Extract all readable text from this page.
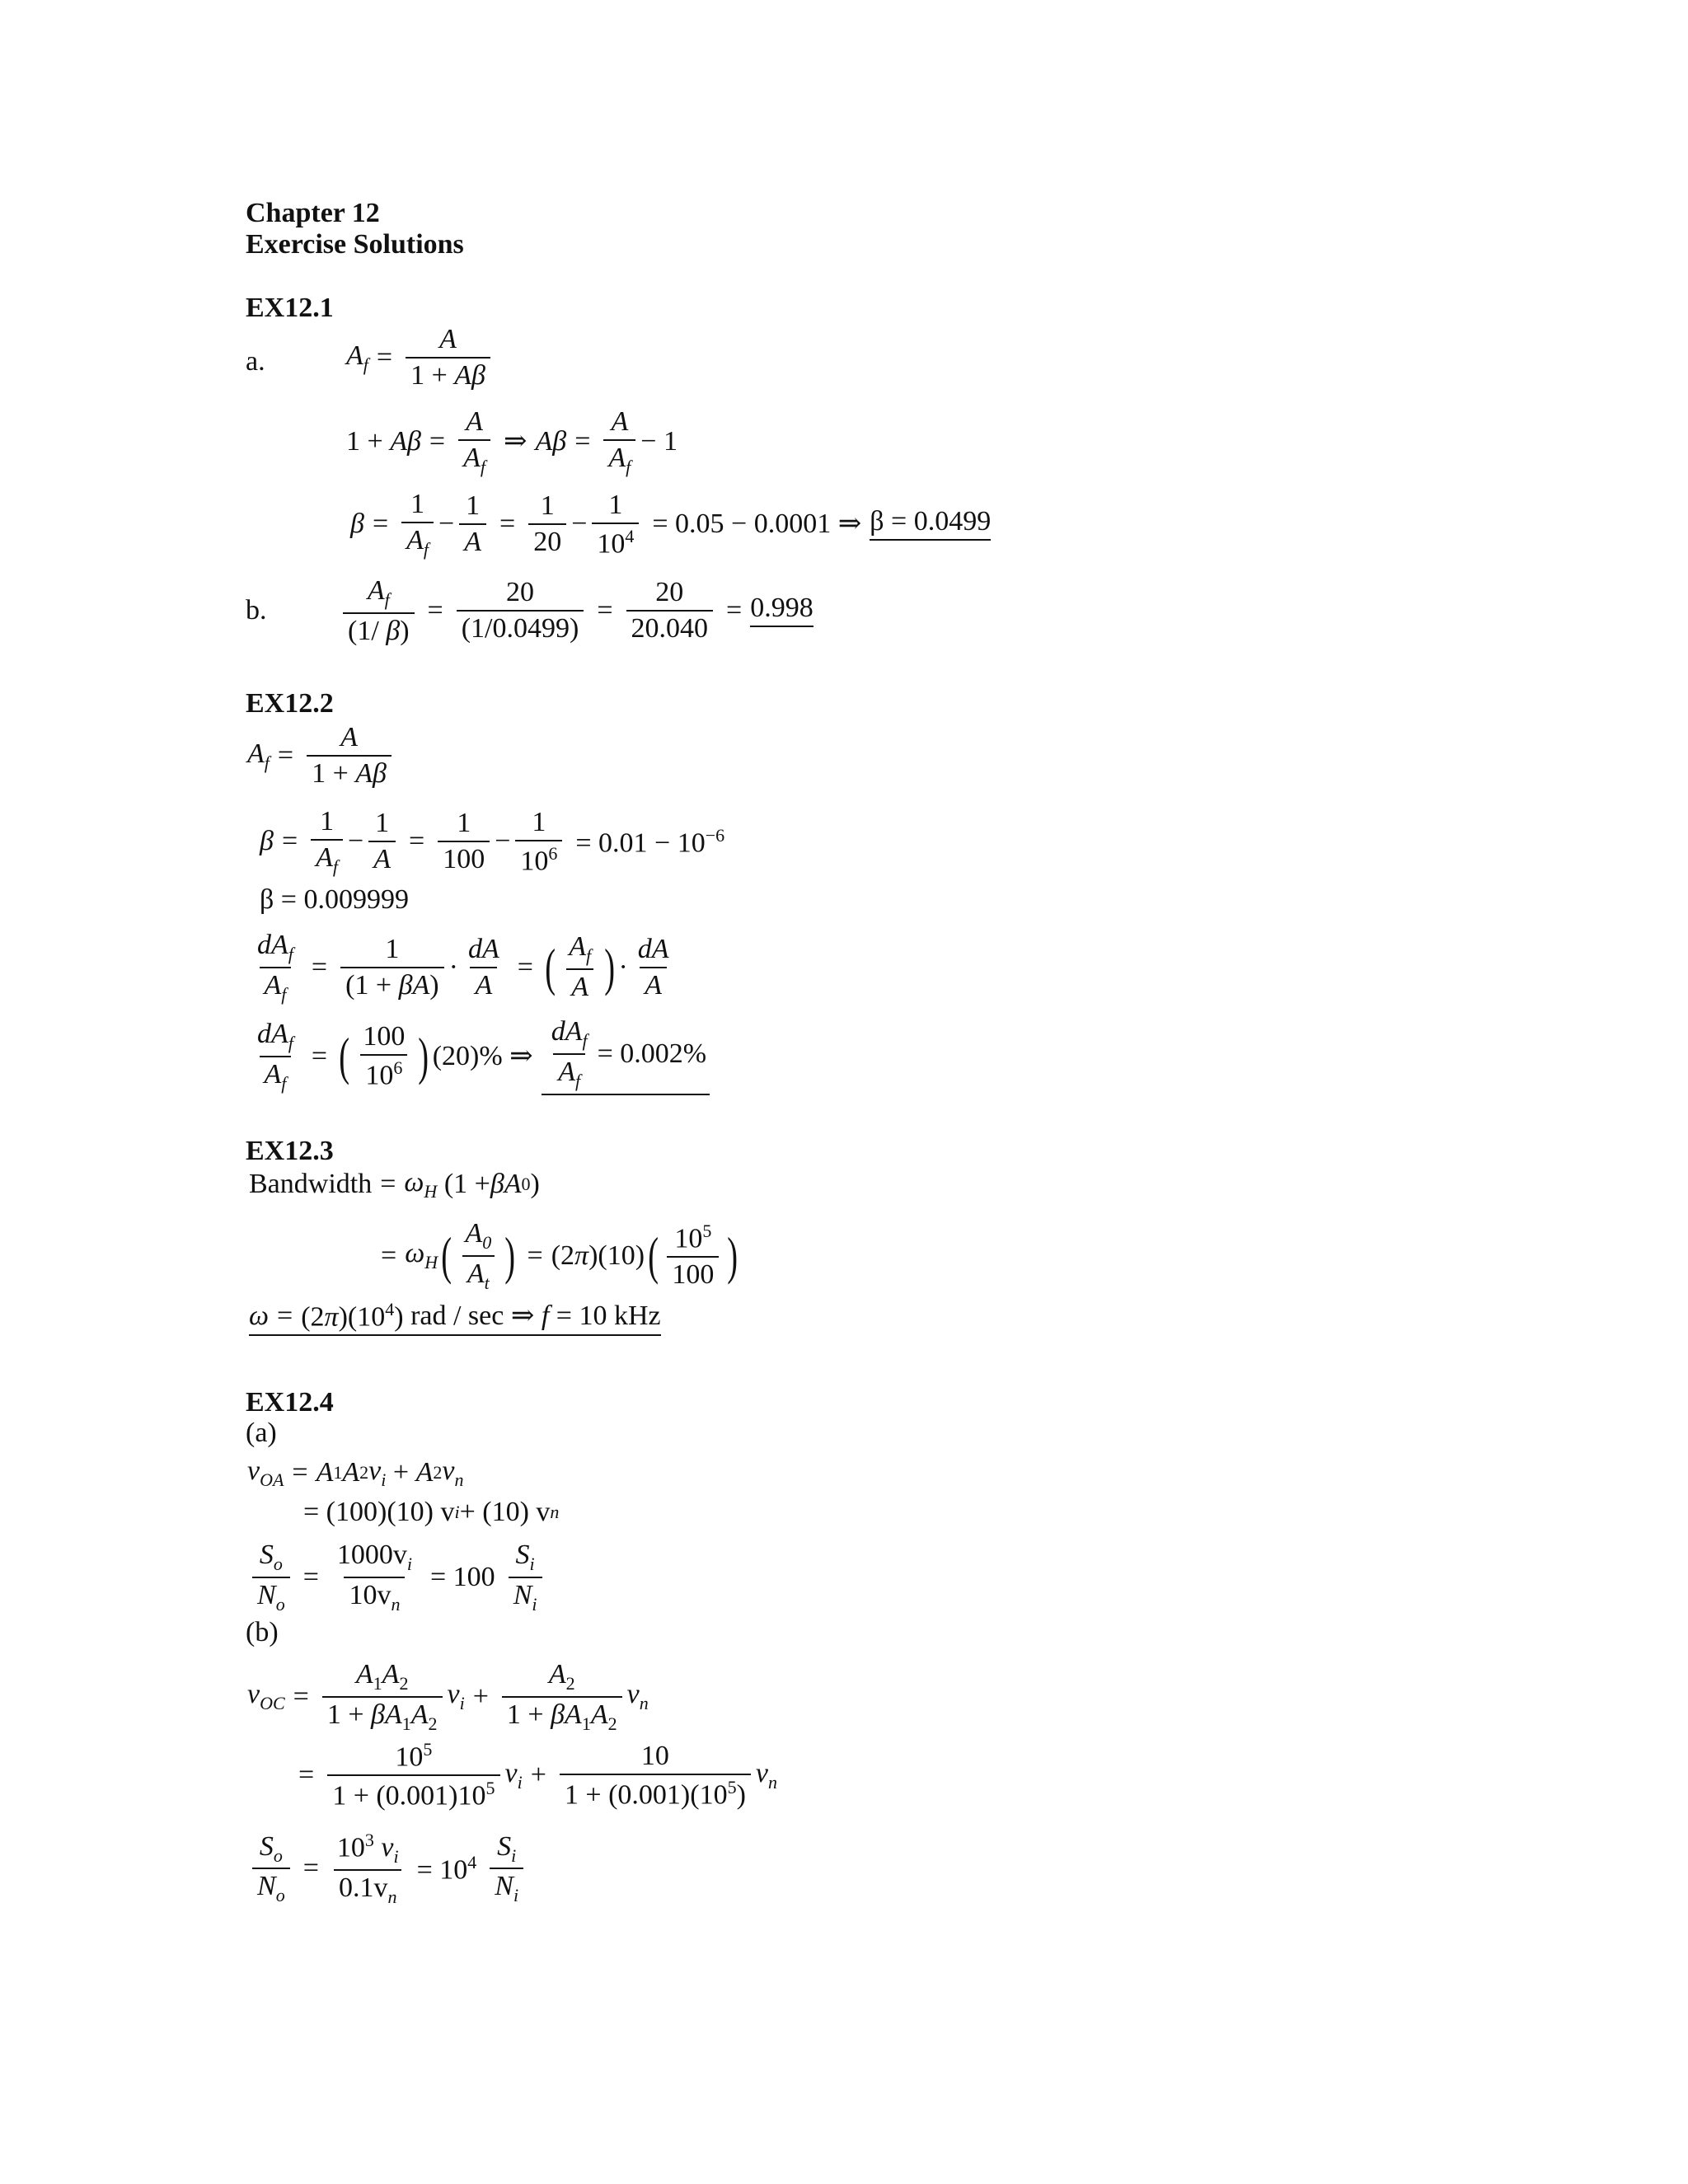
Chapter 12
Exercise Solutions
EX12.1
a.	$A_f = \frac{A}{1 + A\beta}$
$1 + A\beta = \frac{A}{A_f}$ ⇒ $A\beta = \frac{A}{A_f} - 1$
$\beta = \frac{1}{A_f} - \frac{1}{A} = \frac{1}{20} - \frac{1}{10^4} = 0.05 - 0.0001$ ⇒ β = 0.0499
b.	$\frac{A_f}{(1/ \beta)} = \frac{20}{(1/0.0499)} = \frac{20}{20.040} = 0.998$
EX12.2
$A_f = \frac{A}{1 + A\beta}$
$\beta = \frac{1}{A_f} - \frac{1}{A} = \frac{1}{100} - \frac{1}{10^6} = 0.01 - 10^{-6}$
β = 0.009999
$\frac{dA_f}{A_f} = \frac{1}{(1 + \beta A)} \cdot \frac{dA}{A}$ = ( $\frac{A_f}{A}$ ) · $\frac{dA}{A}$
$\frac{dA_f}{A_f}$ = ( $\frac{100}{10^6}$ ) (20)% ⇒ $\frac{dA_f}{A_f} = 0.002\%$
EX12.3
Bandwidth = $\omega_H$ (1 + βA 0 )
= $\omega_H$ ( $\frac{A_0}{A_t}$ ) = (2π) (10) ( $\frac{10^5}{100}$ )
$\omega = (2\pi)(10^4)$ rad / sec ⇒
f
= 10 kHz
EX12.4
(a)
$v_{OA} = A$ 1 A 2 $v_i + A$ 2 $v_n$
= (100)(10) v i + (10) v n
$\frac{S_o}{N_o} = \frac{1000v_i}{10v_n} = 100 \frac{S_i}{N_i}$
(b)
$v_{OC} = \frac{A_1A_2}{1 + \beta A_1A_2} v_i + \frac{A_2}{1 + \beta A_1A_2} v_n$
= $\frac{10^5}{1 + (0.001)10^5} v_i + \frac{10}{1 + (0.001)(10^5)} v_n$
$\frac{S_o}{N_o} = \frac{10^3 v_i}{0.1v_n} = 10^4 \frac{S_i}{N_i}$
